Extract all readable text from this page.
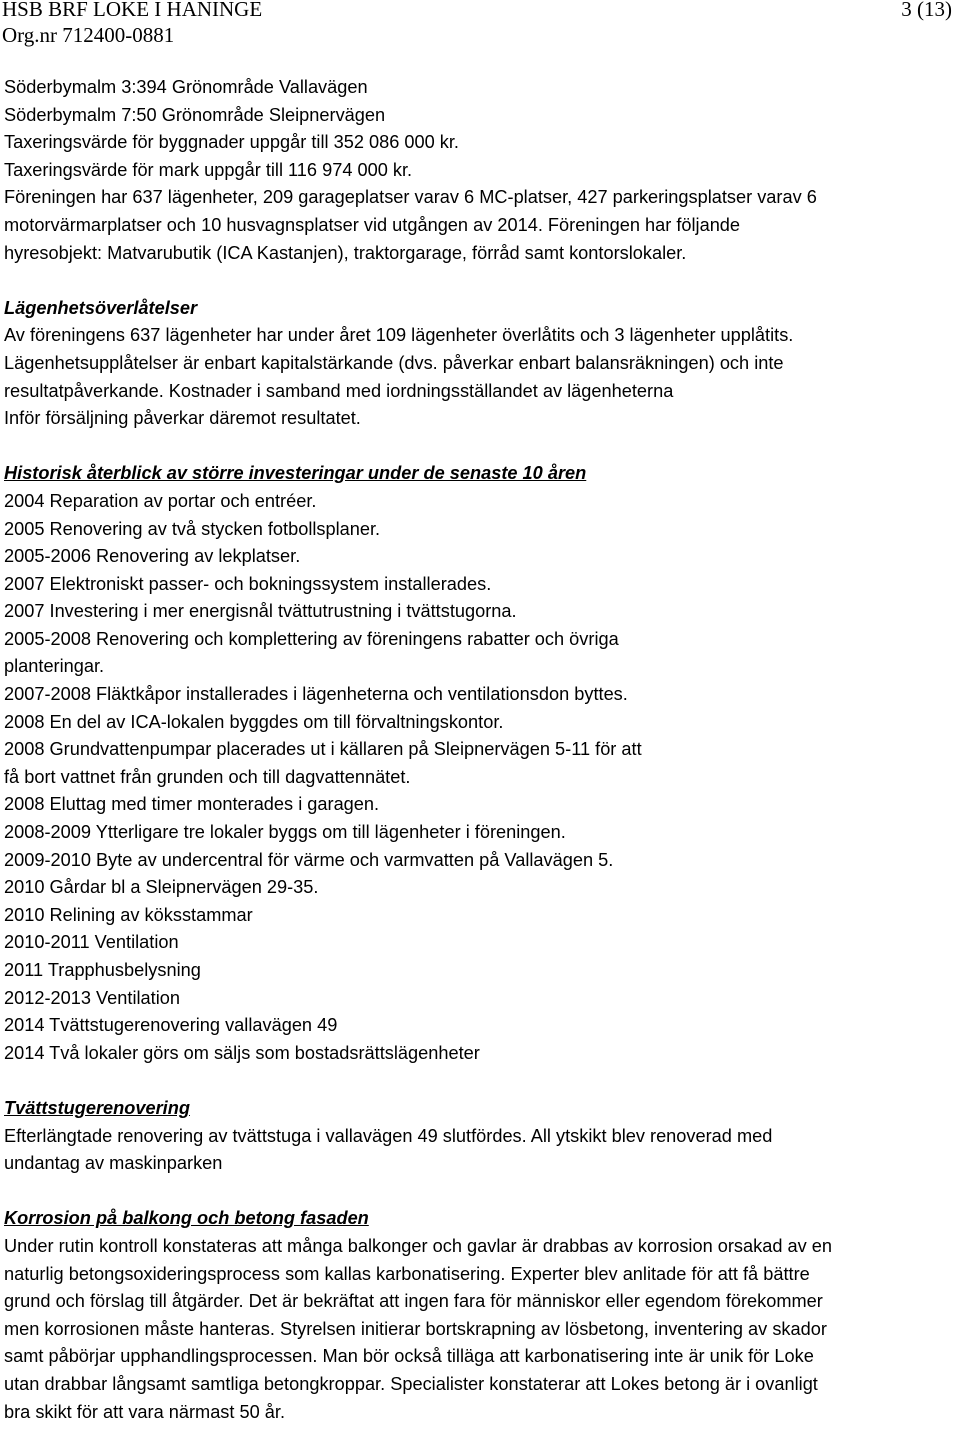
HSB BRF LOKE I HANINGE
Org.nr 712400-0881
3 (13)
Söderbymalm 3:394 Grönområde Vallavägen
Söderbymalm 7:50 Grönområde Sleipnervägen
Taxeringsvärde för byggnader uppgår till 352 086 000 kr.
Taxeringsvärde för mark uppgår till 116 974 000 kr.
Föreningen har 637 lägenheter, 209 garageplatser varav 6 MC-platser, 427 parkeringsplatser varav 6
motorvärmarplatser och 10 husvagnsplatser vid utgången av 2014. Föreningen har följande
hyresobjekt: Matvarubutik (ICA Kastanjen), traktorgarage, förråd samt kontorslokaler.
Lägenhetsöverlåtelser
Av föreningens 637 lägenheter har under året 109 lägenheter överlåtits och 3 lägenheter upplåtits.
Lägenhetsupplåtelser är enbart kapitalstärkande (dvs. påverkar enbart balansräkningen) och inte
resultatpåverkande. Kostnader i samband med iordningsställandet av lägenheterna
Inför försäljning påverkar däremot resultatet.
Historisk återblick av större investeringar under de senaste 10 åren
2004 Reparation av portar och entréer.
2005 Renovering av två stycken fotbollsplaner.
2005-2006 Renovering av lekplatser.
2007 Elektroniskt passer- och bokningssystem installerades.
2007 Investering i mer energisnål tvättutrustning i tvättstugorna.
2005-2008 Renovering och komplettering av föreningens rabatter och övriga
planteringar.
2007-2008 Fläktkåpor installerades i lägenheterna och ventilationsdon byttes.
2008 En del av ICA-lokalen byggdes om till förvaltningskontor.
2008 Grundvattenpumpar placerades ut i källaren på Sleipnervägen 5-11 för att
få bort vattnet från grunden och till dagvattennätet.
2008 Eluttag med timer monterades i garagen.
2008-2009 Ytterligare tre lokaler byggs om till lägenheter i föreningen.
2009-2010 Byte av undercentral för värme och varmvatten på Vallavägen 5.
2010 Gårdar bl a Sleipnervägen 29-35.
2010 Relining av köksstammar
2010-2011 Ventilation
2011 Trapphusbelysning
2012-2013 Ventilation
2014 Tvättstugerenovering vallavägen 49
2014 Två lokaler görs om säljs som bostadsrättslägenheter
Tvättstugerenovering
Efterlängtade renovering av tvättstuga i vallavägen 49 slutfördes. All ytskikt blev renoverad med
undantag av maskinparken
Korrosion på balkong och betong fasaden
Under rutin kontroll konstateras att många balkonger och gavlar är drabbas av korrosion orsakad av en
naturlig betongsoxideringsprocess som kallas karbonatisering. Experter blev anlitade för att få bättre
grund och förslag till åtgärder. Det är bekräftat att ingen fara för människor eller egendom förekommer
men korrosionen måste hanteras. Styrelsen initierar bortskrapning av lösbetong, inventering av skador
samt påbörjar upphandlingsprocessen. Man bör också tilläga att karbonatisering inte är unik för Loke
utan drabbar långsamt samtliga betongkroppar. Specialister konstaterar att Lokes betong är i ovanligt
bra skikt för att vara närmast 50 år.
